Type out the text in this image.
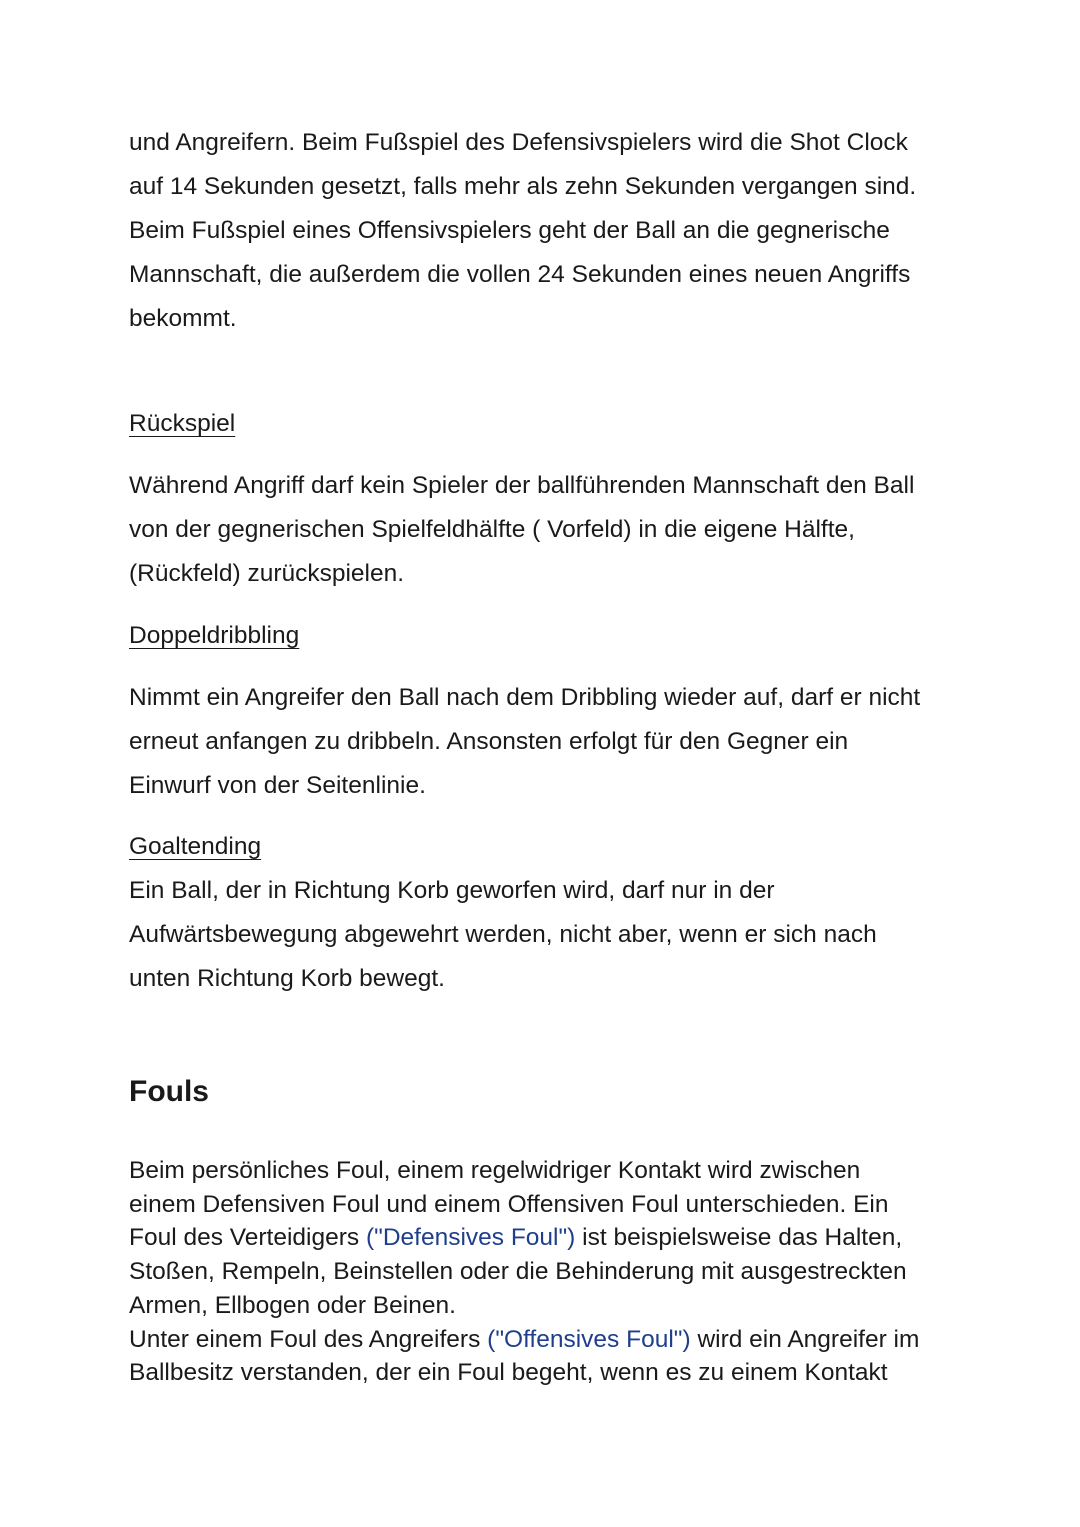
und Angreifern. Beim Fußspiel des Defensivspielers wird die Shot Clock
auf 14 Sekunden gesetzt, falls mehr als zehn Sekunden vergangen sind.
Beim Fußspiel eines Offensivspielers geht der Ball an die gegnerische
Mannschaft, die außerdem die vollen 24 Sekunden eines neuen Angriffs
bekommt.

Rückspiel

Während Angriff darf kein Spieler der ballführenden Mannschaft den Ball
von der gegnerischen Spielfeldhälfte ( Vorfeld) in die eigene Hälfte,
(Rückfeld) zurückspielen.

Doppeldribbling

Nimmt ein Angreifer den Ball nach dem Dribbling wieder auf, darf er nicht
erneut anfangen zu dribbeln. Ansonsten erfolgt für den Gegner ein
Einwurf von der Seitenlinie.

Goaltending

Ein Ball, der in Richtung Korb geworfen wird, darf nur in der
Aufwärtsbewegung abgewehrt werden, nicht aber, wenn er sich nach
unten Richtung Korb bewegt.

Fouls

Beim persönliches Foul, einem regelwidriger Kontakt wird zwischen
einem Defensiven Foul und einem Offensiven Foul unterschieden. Ein
Foul des Verteidigers ("Defensives Foul") ist beispielsweise das Halten,
Stoßen, Rempeln, Beinstellen oder die Behinderung mit ausgestreckten
Armen, Ellbogen oder Beinen.
Unter einem Foul des Angreifers ("Offensives Foul") wird ein Angreifer im
Ballbesitz verstanden, der ein Foul begeht, wenn es zu einem Kontakt
